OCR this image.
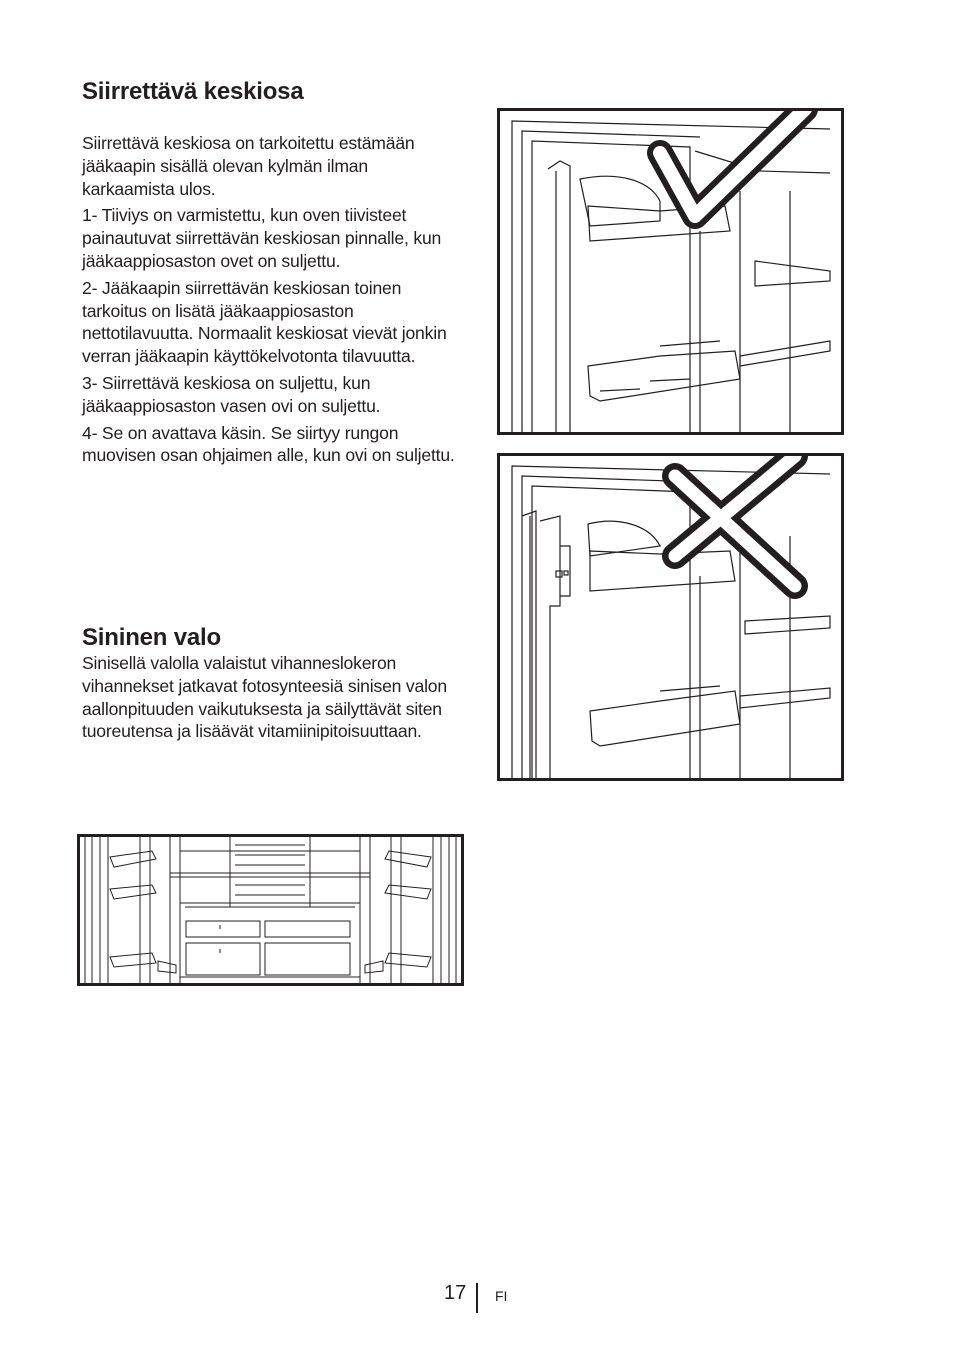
Siirrettävä keskiosa

Siirrettävä keskiosa on tarkoitettu estämään jääkaapin sisällä olevan kylmän ilman karkaamista ulos.

1- Tiiviys on varmistettu, kun oven tiivisteet painautuvat siirrettävän keskiosan pinnalle, kun jääkaappiosaston ovet on suljettu.

2- Jääkaapin siirrettävän keskiosan toinen tarkoitus on lisätä jääkaappiosaston nettotilavuutta. Normaalit keskiosat vievät jonkin verran jääkaapin käyttökelvotonta tilavuutta.

3- Siirrettävä keskiosa on suljettu, kun jääkaappiosaston vasen ovi on suljettu.

4- Se on avattava käsin. Se siirtyy rungon muovisen osan ohjaimen alle, kun ovi on suljettu.

Sininen valo

Sinisellä valolla valaistut vihanneslokeron vihannekset jatkavat fotosynteesiä sinisen valon aallonpituuden vaikutuksesta ja säilyttävät siten tuoreutensa ja lisäävät vitamiinipitoisuuttaan.

17 FI
